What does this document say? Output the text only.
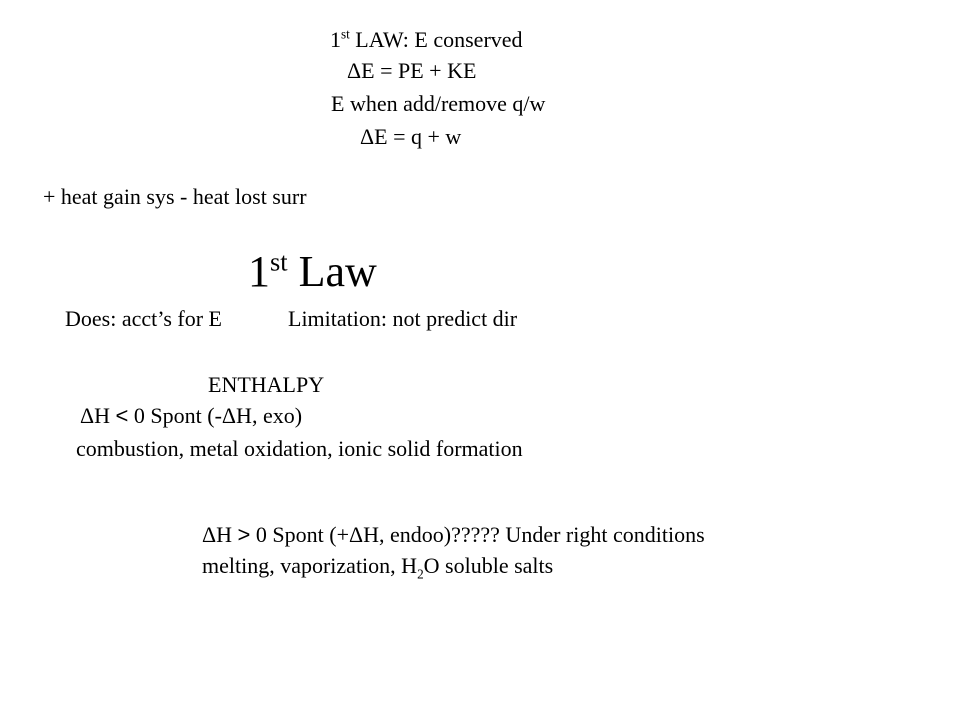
1st LAW: E conserved
ΔE = PE + KE
E when add/remove q/w
ΔE = q + w
+ heat gain sys - heat lost surr
1st Law
Does: acct’s for E	Limitation: not predict dir
ENTHALPY
ΔH < 0 Spont (-ΔH, exo)
combustion, metal oxidation, ionic solid formation
ΔH > 0 Spont (+ΔH, endoo)????? Under right conditions
melting, vaporization, $H_2O$ soluble salts
